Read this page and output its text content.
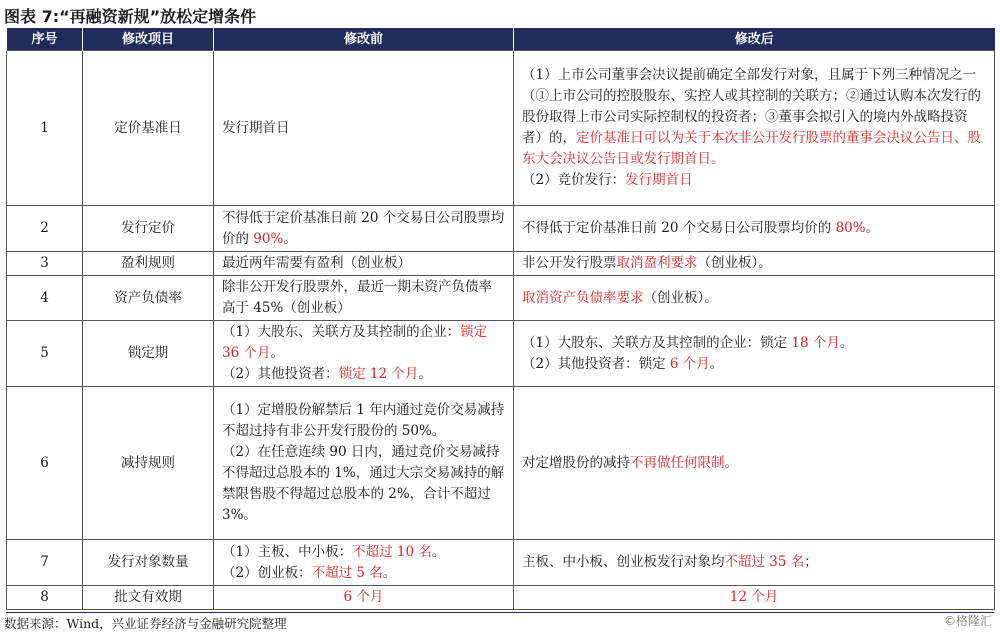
图表 7:“再融资新规”放松定增条件
序号	修改项目	修改前	修改后
1	定价基准日	发行期首日	（1）上市公司董事会决议提前确定全部发行对象，且属于下列三种情况之一（①上市公司的控股股东、实控人或其控制的关联方；②通过认购本次发行的股份取得上市公司实际控制权的投资者；③董事会拟引入的境内外战略投资者）的，定价基准日可以为关于本次非公开发行股票的董事会决议公告日、股东大会决议公告日或发行期首日。
（2）竞价发行：发行期首日
2	发行定价	不得低于定价基准日前 20 个交易日公司股票均价的 90%。	不得低于定价基准日前 20 个交易日公司股票均价的 80%。
3	盈利规则	最近两年需要有盈利（创业板）	非公开发行股票取消盈利要求（创业板）。
4	资产负债率	除非公开发行股票外，最近一期末资产负债率高于 45%（创业板）	取消资产负债率要求（创业板）。
5	锁定期	（1）大股东、关联方及其控制的企业：锁定 36 个月。
（2）其他投资者：锁定 12 个月。	（1）大股东、关联方及其控制的企业：锁定 18 个月。
（2）其他投资者：锁定 6 个月。
6	减持规则	（1）定增股份解禁后 1 年内通过竞价交易减持不超过持有非公开发行股份的 50%。
（2）在任意连续 90 日内，通过竞价交易减持不得超过总股本的 1%，通过大宗交易减持的解禁限售股不得超过总股本的 2%，合计不超过 3%。	对定增股份的减持不再做任何限制。
7	发行对象数量	（1）主板、中小板：不超过 10 名。
（2）创业板：不超过 5 名。	主板、中小板、创业板发行对象均不超过 35 名；
8	批文有效期	6 个月	12 个月
数据来源：Wind，兴业证券经济与金融研究院整理	©格隆汇
